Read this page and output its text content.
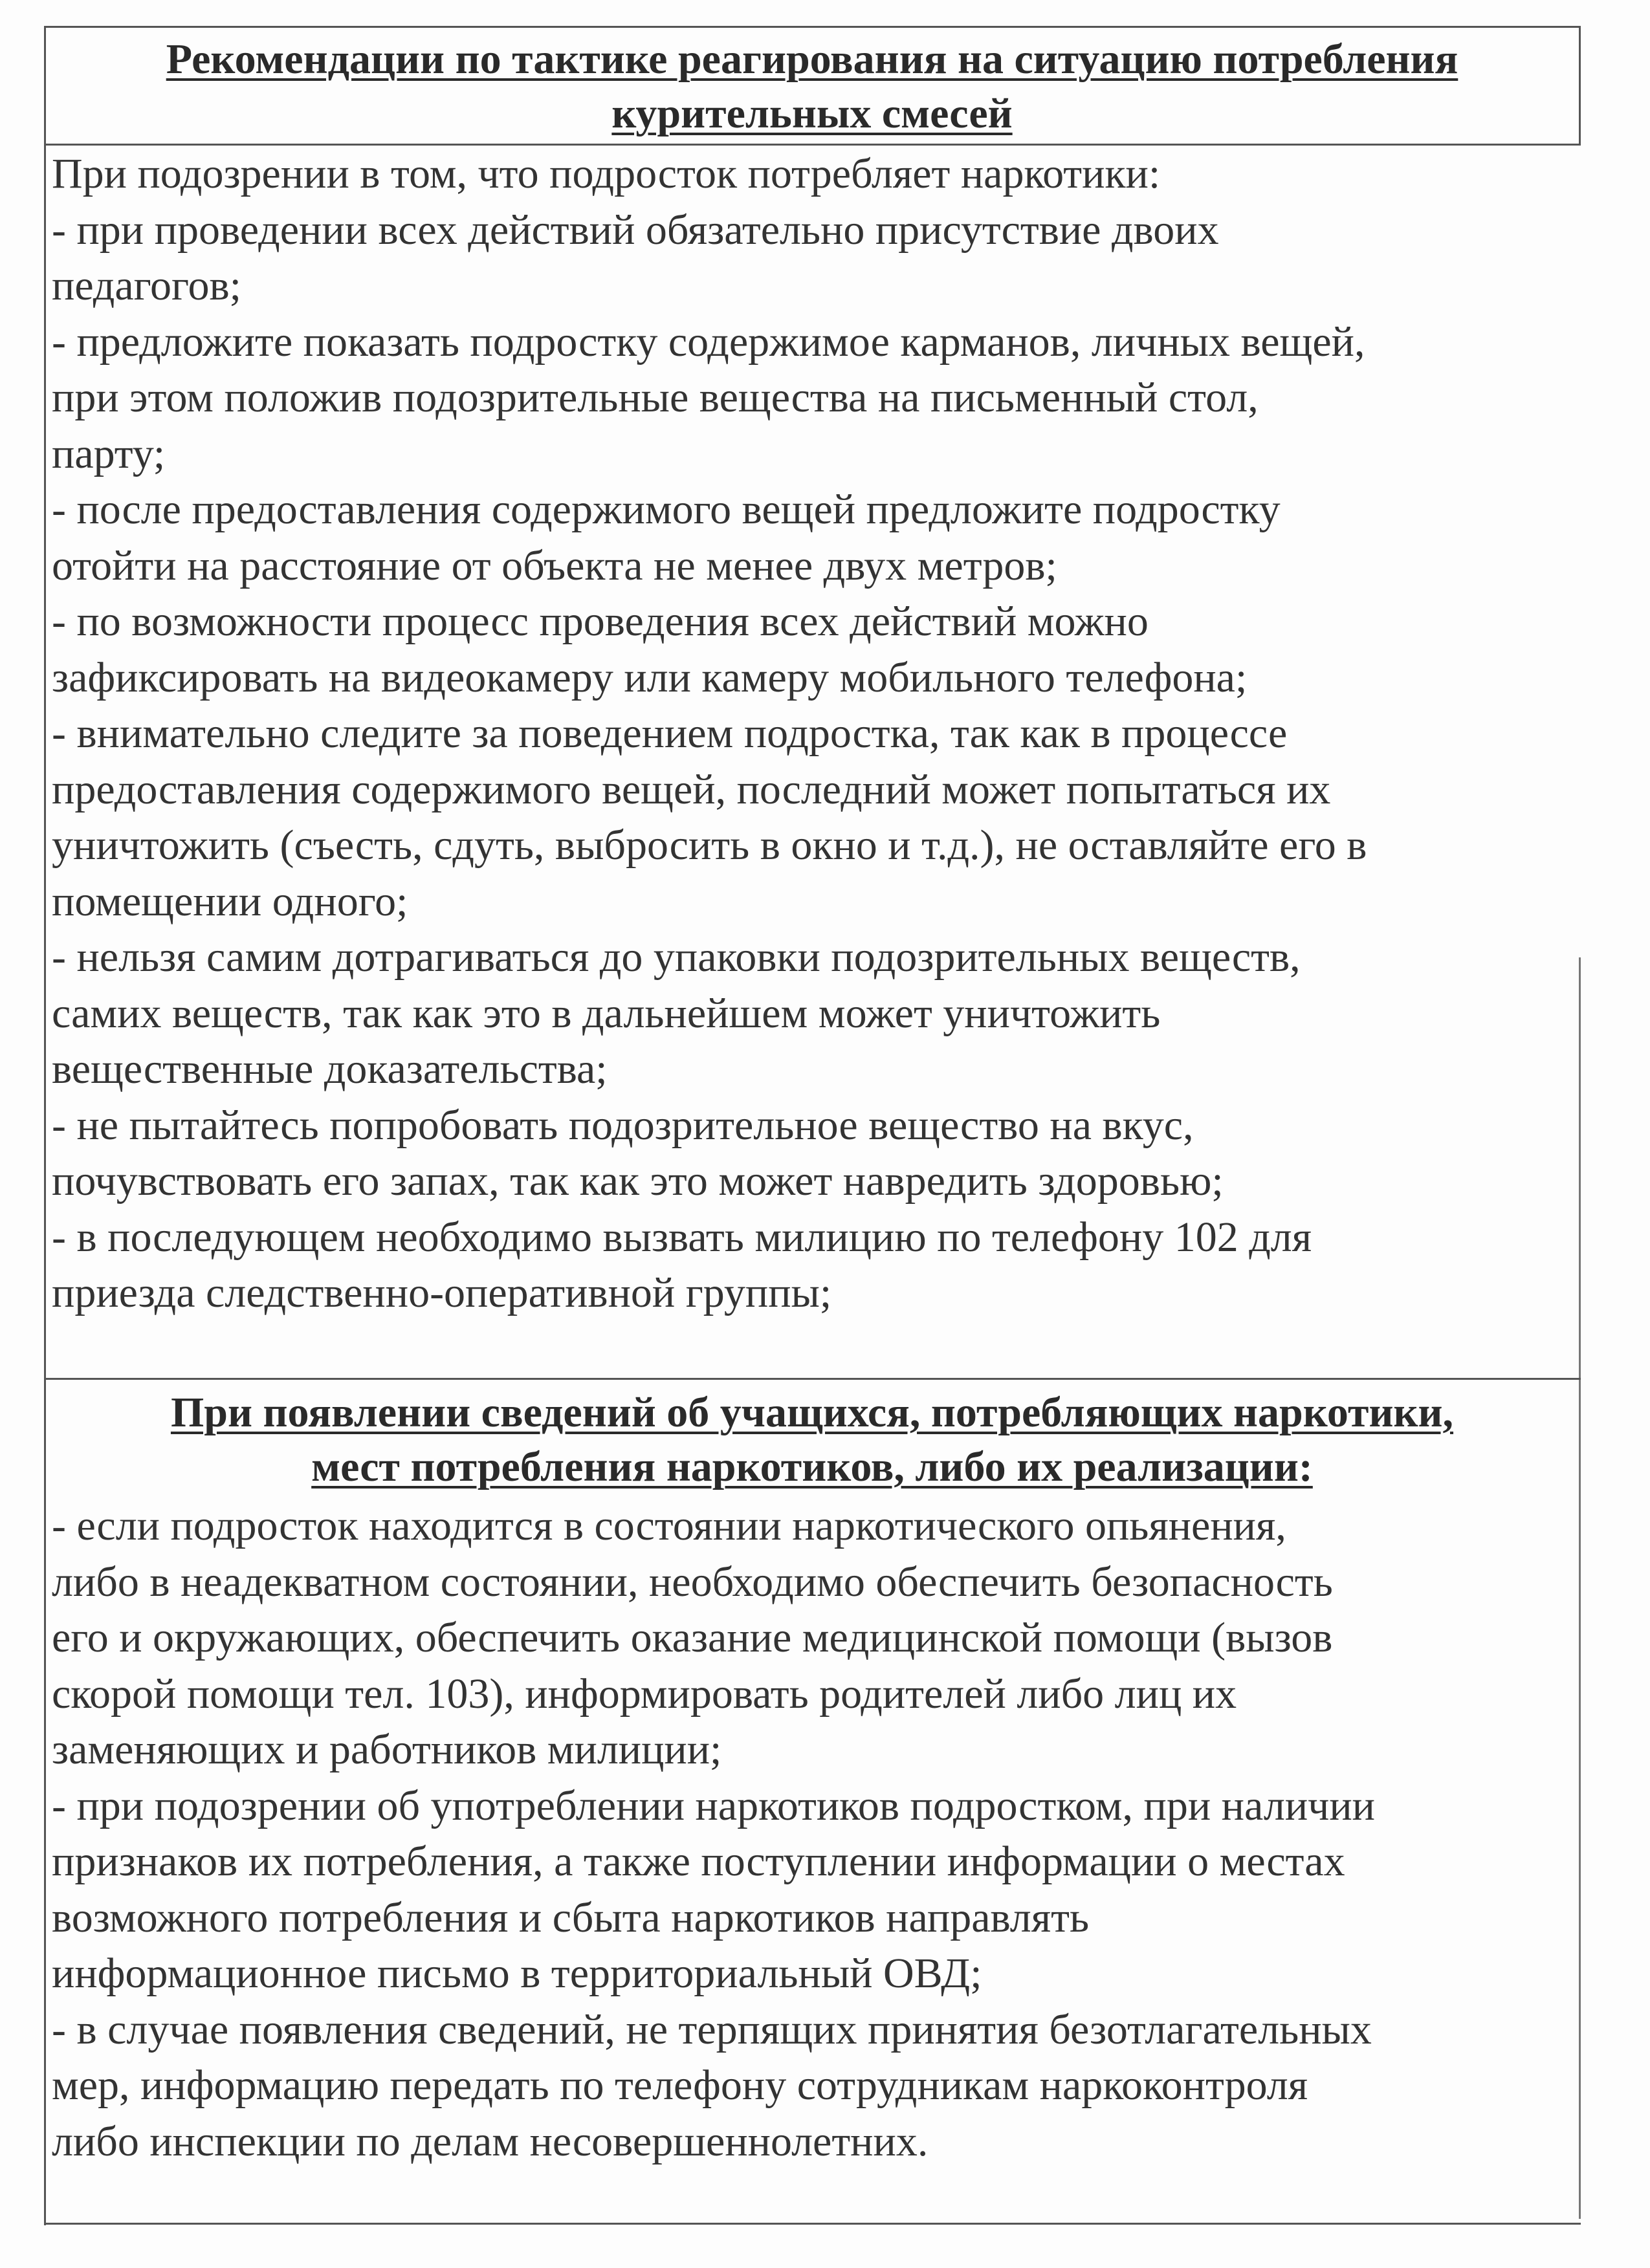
Рекомендации по тактике реагирования на ситуацию потребления
курительных смесей
При подозрении в том, что подросток потребляет наркотики:
- при проведении всех действий обязательно присутствие двоих
педагогов;
- предложите показать подростку содержимое карманов, личных вещей,
при этом положив подозрительные вещества на письменный стол,
парту;
- после предоставления содержимого вещей предложите подростку
отойти на расстояние от объекта не менее двух метров;
- по возможности процесс проведения всех действий можно
зафиксировать на видеокамеру или камеру мобильного телефона;
- внимательно следите за поведением подростка, так как в процессе
предоставления содержимого вещей, последний может попытаться их
уничтожить (съесть, сдуть, выбросить в окно и т.д.), не оставляйте его в
помещении одного;
- нельзя самим дотрагиваться до упаковки подозрительных веществ,
самих веществ, так как это в дальнейшем может уничтожить
вещественные доказательства;
- не пытайтесь попробовать подозрительное вещество на вкус,
почувствовать его запах, так как это может навредить здоровью;
- в последующем необходимо вызвать милицию по телефону 102 для
приезда следственно-оперативной группы;
При появлении сведений об учащихся, потребляющих наркотики,
мест потребления наркотиков, либо их реализации:
- если подросток находится в состоянии наркотического опьянения,
либо в неадекватном состоянии, необходимо обеспечить безопасность
его и окружающих, обеспечить оказание медицинской помощи (вызов
скорой помощи тел. 103), информировать родителей либо лиц их
заменяющих и работников милиции;
- при подозрении об употреблении наркотиков подростком, при наличии
признаков их потребления, а также поступлении информации о местах
возможного потребления и сбыта наркотиков направлять
информационное письмо в территориальный ОВД;
- в случае появления сведений, не терпящих принятия безотлагательных
мер, информацию передать по телефону сотрудникам наркоконтроля
либо инспекции по делам несовершеннолетних.
